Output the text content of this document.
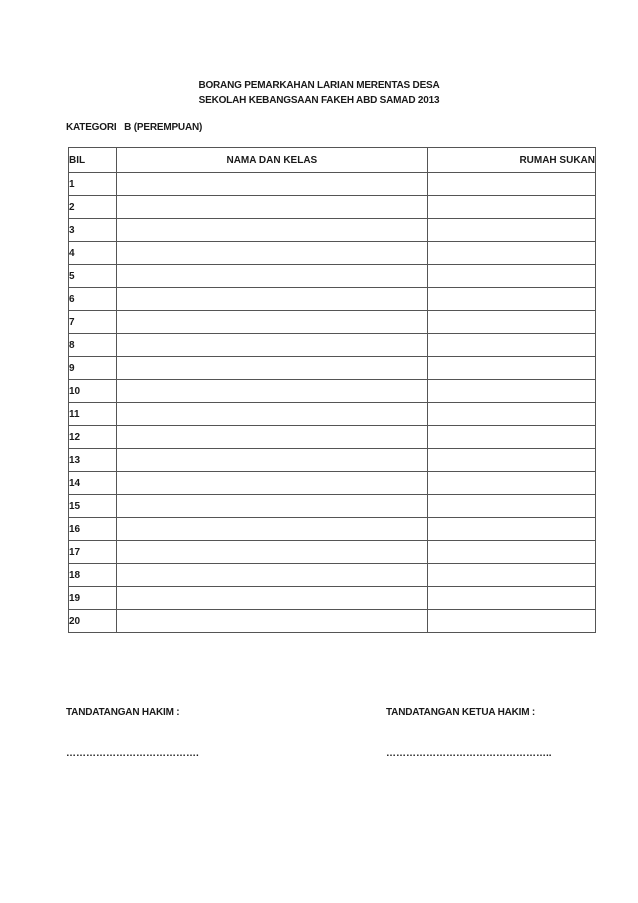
BORANG PEMARKAHAN LARIAN MERENTAS DESA
SEKOLAH KEBANGSAAN FAKEH ABD SAMAD 2013
KATEGORI   B (PEREMPUAN)
BIL	NAMA DAN KELAS	RUMAH SUKAN
1		
2		
3		
4		
5		
6		
7		
8		
9		
10		
11		
12		
13		
14		
15		
16		
17		
18		
19		
20		
TANDATANGAN HAKIM :	TANDATANGAN KETUA HAKIM :
………………………………….	…………………………………………..
